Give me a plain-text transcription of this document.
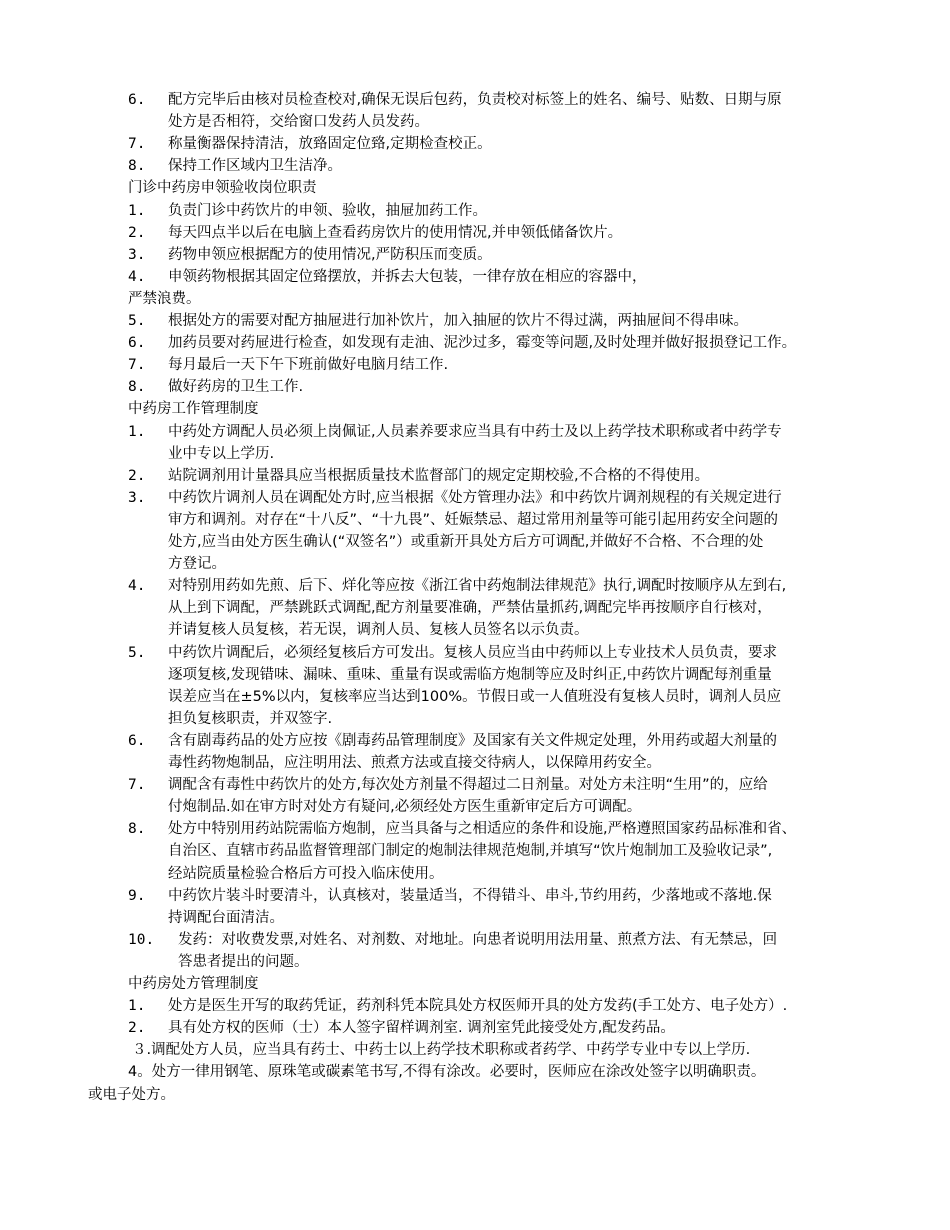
6. 配方完毕后由核对员检查校对,确保无误后包药，负责校对标签上的姓名、编号、贴数、日期与原
处方是否相符，交给窗口发药人员发药。
7. 称量衡器保持清洁，放臵固定位臵,定期检查校正。
8. 保持工作区域内卫生洁净。
门诊中药房申领验收岗位职责
1. 负责门诊中药饮片的申领、验收，抽屉加药工作。
2. 每天四点半以后在电脑上查看药房饮片的使用情况,并申领低储备饮片。
3. 药物申领应根据配方的使用情况,严防积压而变质。
4. 申领药物根据其固定位臵摆放，并拆去大包装，一律存放在相应的容器中，
严禁浪费。
5. 根据处方的需要对配方抽屉进行加补饮片，加入抽屉的饮片不得过满，两抽屉间不得串味。
6. 加药员要对药屉进行检查，如发现有走油、泥沙过多，霉变等问题,及时处理并做好报损登记工作。
7. 每月最后一天下午下班前做好电脑月结工作.
8. 做好药房的卫生工作.
中药房工作管理制度
1. 中药处方调配人员必须上岗佩证,人员素养要求应当具有中药士及以上药学技术职称或者中药学专
业中专以上学历.
2. 站院调剂用计量器具应当根据质量技术监督部门的规定定期校验,不合格的不得使用。
3. 中药饮片调剂人员在调配处方时,应当根据《处方管理办法》和中药饮片调剂规程的有关规定进行
审方和调剂。对存在“十八反”、“十九畏”、妊娠禁忌、超过常用剂量等可能引起用药安全问题的
处方,应当由处方医生确认(“双签名”）或重新开具处方后方可调配,并做好不合格、不合理的处
方登记。
4. 对特别用药如先煎、后下、烊化等应按《浙江省中药炮制法律规范》执行,调配时按顺序从左到右,
从上到下调配，严禁跳跃式调配,配方剂量要准确，严禁估量抓药,调配完毕再按顺序自行核对，
并请复核人员复核，若无误，调剂人员、复核人员签名以示负责。
5. 中药饮片调配后，必须经复核后方可发出。复核人员应当由中药师以上专业技术人员负责，要求
逐项复核,发现错味、漏味、重味、重量有误或需临方炮制等应及时纠正,中药饮片调配每剂重量
误差应当在±5%以内，复核率应当达到100%。节假日或一人值班没有复核人员时，调剂人员应
担负复核职责，并双签字.
6. 含有剧毒药品的处方应按《剧毒药品管理制度》及国家有关文件规定处理，外用药或超大剂量的
毒性药物炮制品，应注明用法、煎煮方法或直接交待病人，以保障用药安全。
7. 调配含有毒性中药饮片的处方,每次处方剂量不得超过二日剂量。对处方未注明“生用”的，应给
付炮制品.如在审方时对处方有疑问,必须经处方医生重新审定后方可调配。
8. 处方中特别用药站院需临方炮制，应当具备与之相适应的条件和设施,严格遵照国家药品标准和省、
自治区、直辖市药品监督管理部门制定的炮制法律规范炮制,并填写“饮片炮制加工及验收记录”,
经站院质量检验合格后方可投入临床使用。
9. 中药饮片装斗时要清斗，认真核对，装量适当，不得错斗、串斗,节约用药，少落地或不落地.保
持调配台面清洁。
10. 发药：对收费发票,对姓名、对剂数、对地址。向患者说明用法用量、煎煮方法、有无禁忌，回
答患者提出的问题。
中药房处方管理制度
1. 处方是医生开写的取药凭证，药剂科凭本院具处方权医师开具的处方发药(手工处方、电子处方）.
2. 具有处方权的医师（士）本人签字留样调剂室. 调剂室凭此接受处方,配发药品。
３.调配处方人员，应当具有药士、中药士以上药学技术职称或者药学、中药学专业中专以上学历.
4。处方一律用钢笔、原珠笔或碳素笔书写,不得有涂改。必要时，医师应在涂改处签字以明确职责。
或电子处方。
